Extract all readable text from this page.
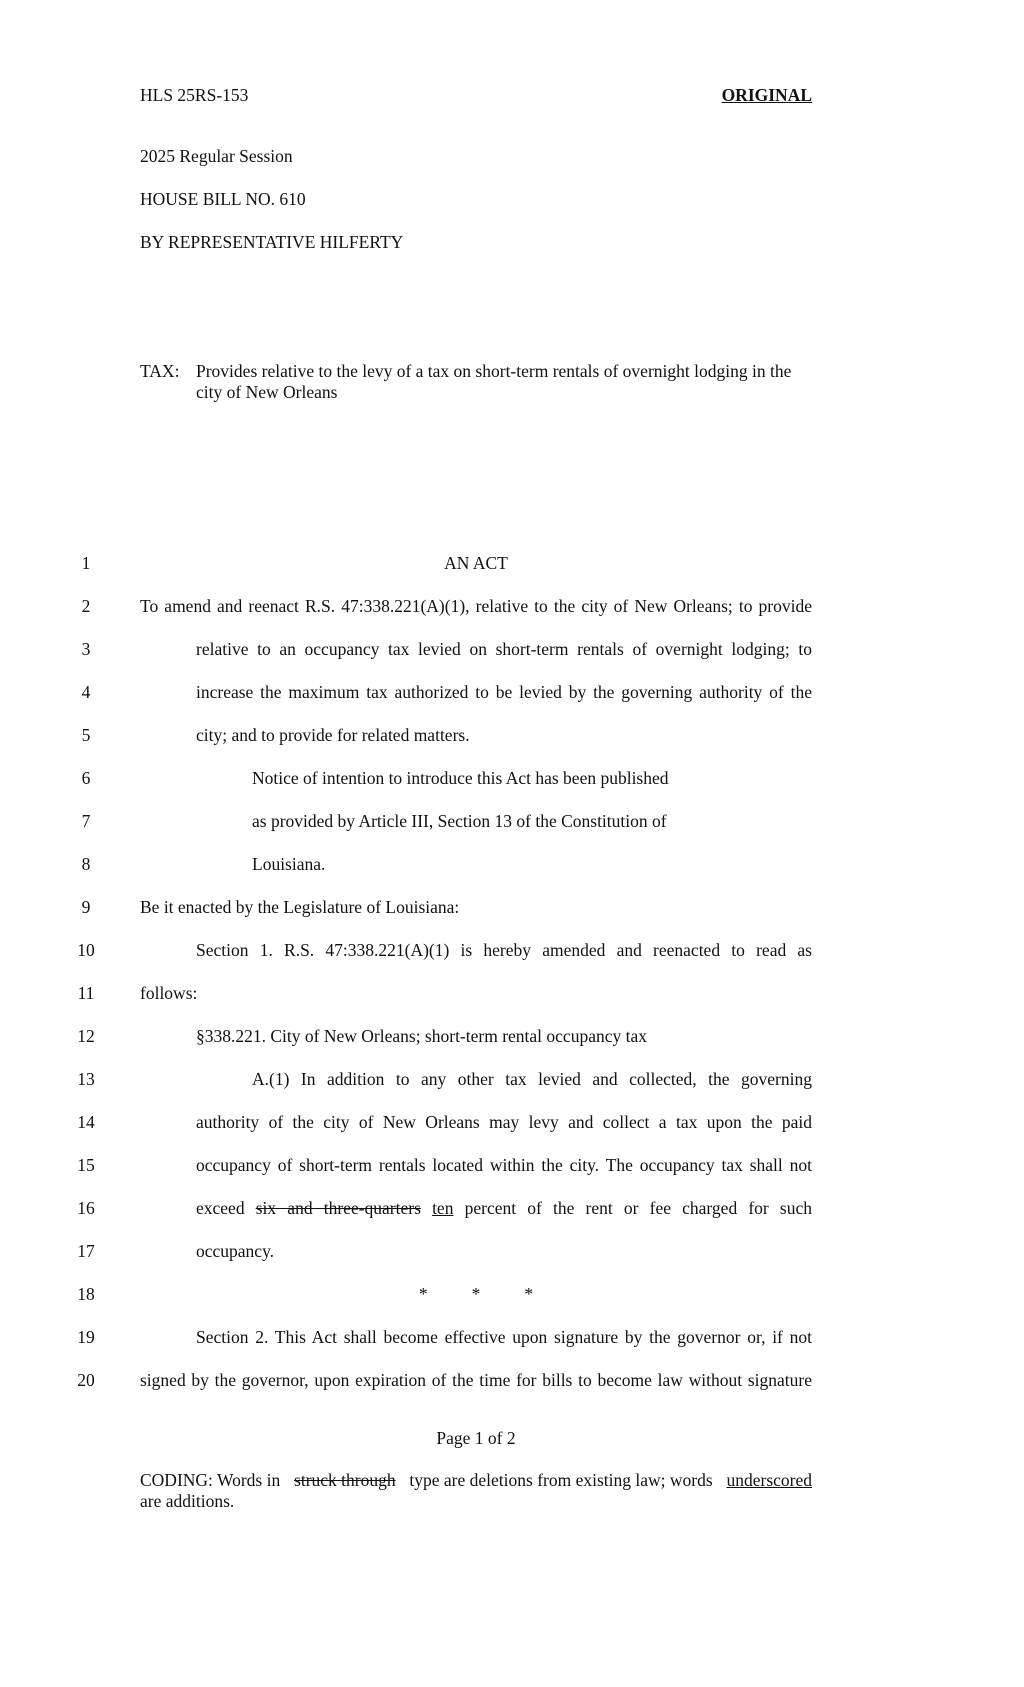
HLS 25RS-153	ORIGINAL
2025 Regular Session
HOUSE BILL NO. 610
BY REPRESENTATIVE HILFERTY
TAX: Provides relative to the levy of a tax on short-term rentals of overnight lodging in the
city of New Orleans
1
2
3
4
5
6
7
8
9
10
11
12
13
14
15
16
17
18
19
20
AN ACT
To amend and reenact R.S. 47:338.221(A)(1), relative to the city of New Orleans; to provide
relative to an occupancy tax levied on short-term rentals of overnight lodging; to
increase the maximum tax authorized to be levied by the governing authority of the
city; and to provide for related matters.
Notice of intention to introduce this Act has been published
as provided by Article III, Section 13 of the Constitution of
Louisiana.
Be it enacted by the Legislature of Louisiana:
Section 1. R.S. 47:338.221(A)(1) is hereby amended and reenacted to read as
follows:
§338.221. City of New Orleans; short-term rental occupancy tax
A.(1) In addition to any other tax levied and collected, the governing
authority of the city of New Orleans may levy and collect a tax upon the paid
occupancy of short-term rentals located within the city. The occupancy tax shall not
exceed six and three-quarters ten percent of the rent or fee charged for such
occupancy.
*	*	*
Section 2. This Act shall become effective upon signature by the governor or, if not
signed by the governor, upon expiration of the time for bills to become law without signature
Page 1 of 2
CODING: Words in struck through type are deletions from existing law; words underscored
are additions.
